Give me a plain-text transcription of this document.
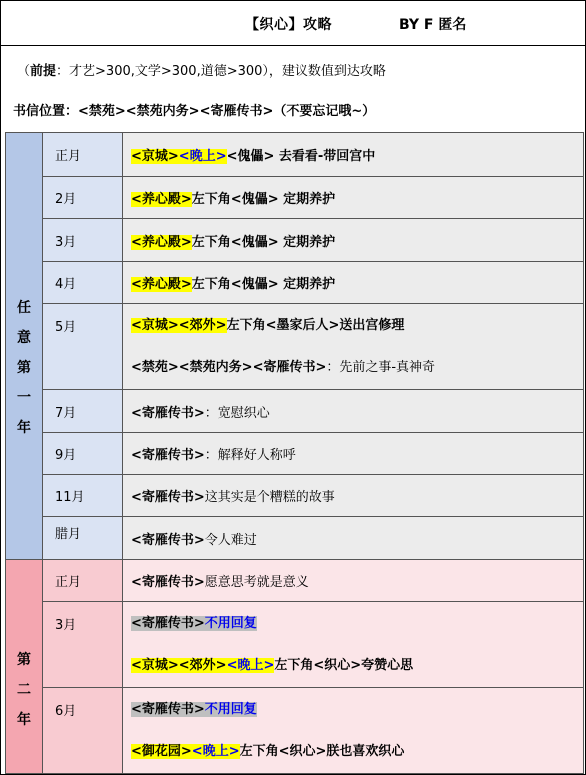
【织心】攻略	BY F 匿名
（前提：才艺>300,文学>300,道德>300），建议数值到达攻略
书信位置：<禁苑><禁苑内务><寄雁传书>（不要忘记哦~）
任
意
第
一
年	正月	<京城><晚上><傀儡> 去看看-带回宫中
	2月	<养心殿>左下角<傀儡> 定期养护
	3月	<养心殿>左下角<傀儡> 定期养护
	4月	<养心殿>左下角<傀儡> 定期养护
	5月	<京城><郊外>左下角<墨家后人>送出宫修理
<禁苑><禁苑内务><寄雁传书>：先前之事-真神奇

	7月	<寄雁传书>：宽慰织心
	9月	<寄雁传书>：解释好人称呼
	11月	<寄雁传书>这其实是个糟糕的故事
	腊月	<寄雁传书>令人难过

第
二
年	正月	<寄雁传书>愿意思考就是意义
	3月	<寄雁传书>不用回复
<京城><郊外><晚上>左下角<织心>夸赞心思

	6月	<寄雁传书>不用回复
<御花园><晚上>左下角<织心>朕也喜欢织心
